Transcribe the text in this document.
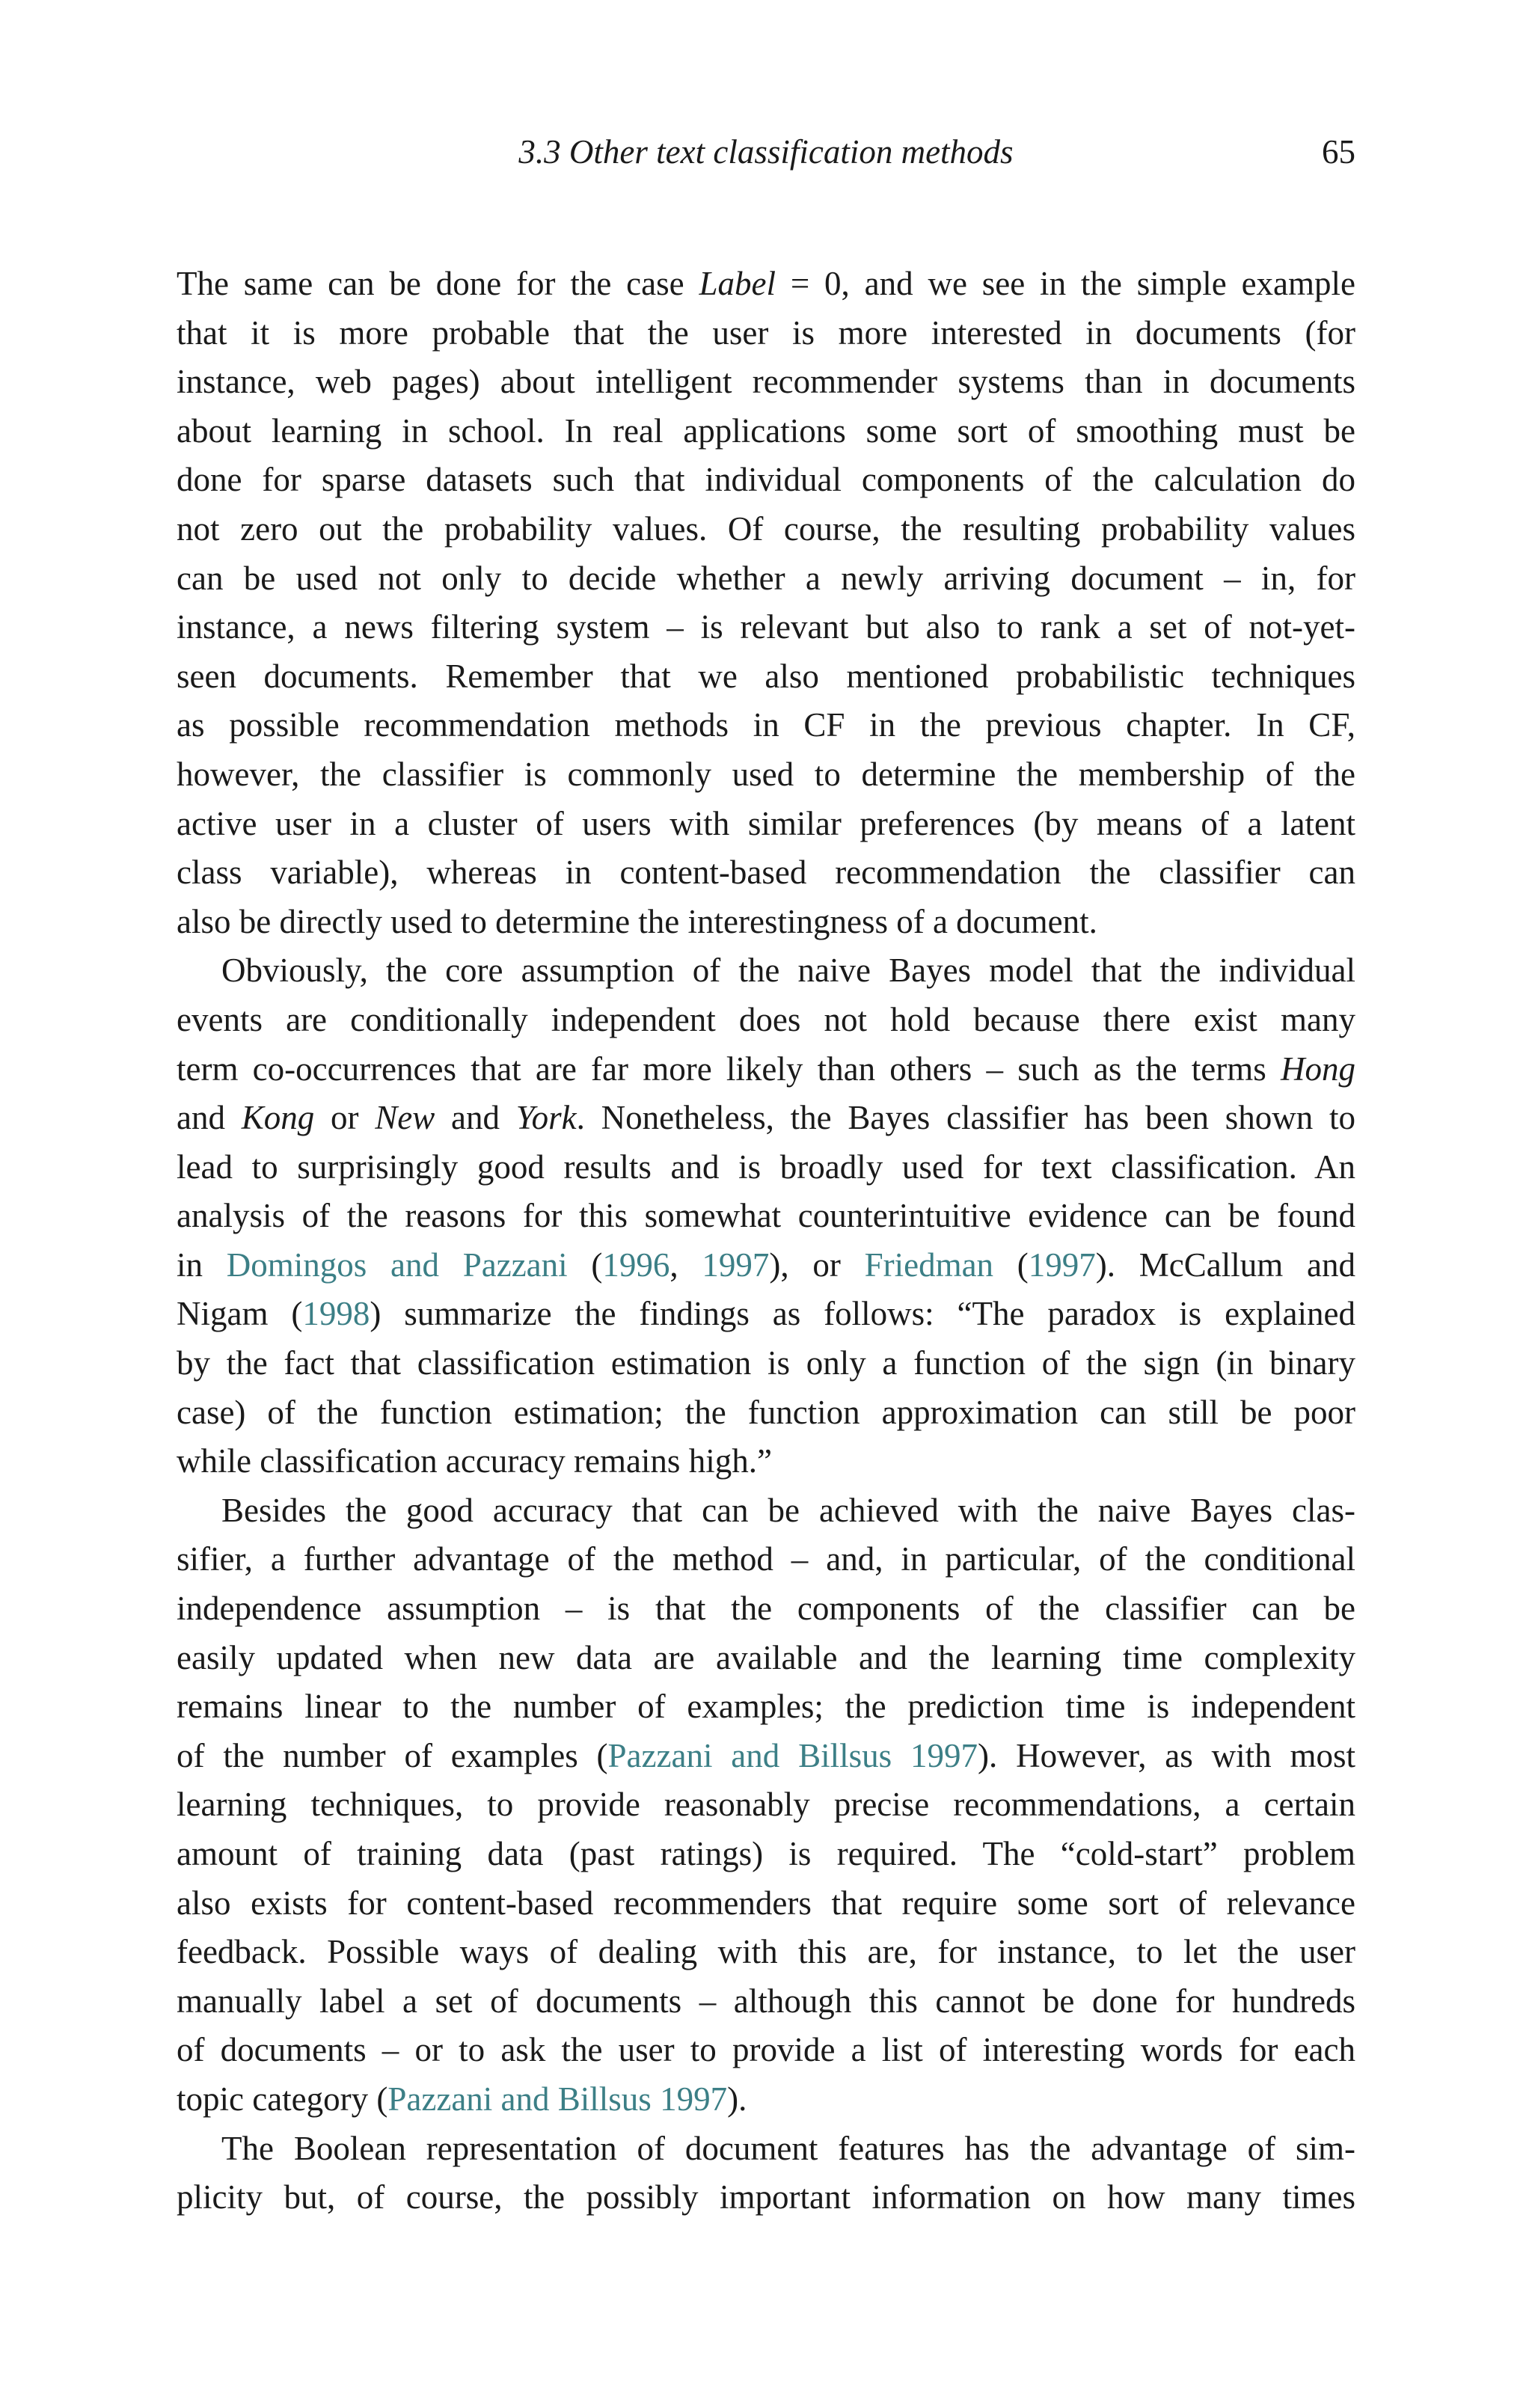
3.3 Other text classification methods	65

The same can be done for the case Label = 0, and we see in the simple example
that it is more probable that the user is more interested in documents (for
instance, web pages) about intelligent recommender systems than in documents
about learning in school. In real applications some sort of smoothing must be
done for sparse datasets such that individual components of the calculation do
not zero out the probability values. Of course, the resulting probability values
can be used not only to decide whether a newly arriving document – in, for
instance, a news filtering system – is relevant but also to rank a set of not-yet-
seen documents. Remember that we also mentioned probabilistic techniques
as possible recommendation methods in CF in the previous chapter. In CF,
however, the classifier is commonly used to determine the membership of the
active user in a cluster of users with similar preferences (by means of a latent
class variable), whereas in content-based recommendation the classifier can
also be directly used to determine the interestingness of a document.

Obviously, the core assumption of the naive Bayes model that the individual
events are conditionally independent does not hold because there exist many
term co-occurrences that are far more likely than others – such as the terms Hong
and Kong or New and York. Nonetheless, the Bayes classifier has been shown to
lead to surprisingly good results and is broadly used for text classification. An
analysis of the reasons for this somewhat counterintuitive evidence can be found
in Domingos and Pazzani (1996, 1997), or Friedman (1997). McCallum and
Nigam (1998) summarize the findings as follows: “The paradox is explained
by the fact that classification estimation is only a function of the sign (in binary
case) of the function estimation; the function approximation can still be poor
while classification accuracy remains high.”

Besides the good accuracy that can be achieved with the naive Bayes clas-
sifier, a further advantage of the method – and, in particular, of the conditional
independence assumption – is that the components of the classifier can be
easily updated when new data are available and the learning time complexity
remains linear to the number of examples; the prediction time is independent
of the number of examples (Pazzani and Billsus 1997). However, as with most
learning techniques, to provide reasonably precise recommendations, a certain
amount of training data (past ratings) is required. The “cold-start” problem
also exists for content-based recommenders that require some sort of relevance
feedback. Possible ways of dealing with this are, for instance, to let the user
manually label a set of documents – although this cannot be done for hundreds
of documents – or to ask the user to provide a list of interesting words for each
topic category (Pazzani and Billsus 1997).

The Boolean representation of document features has the advantage of sim-
plicity but, of course, the possibly important information on how many times
